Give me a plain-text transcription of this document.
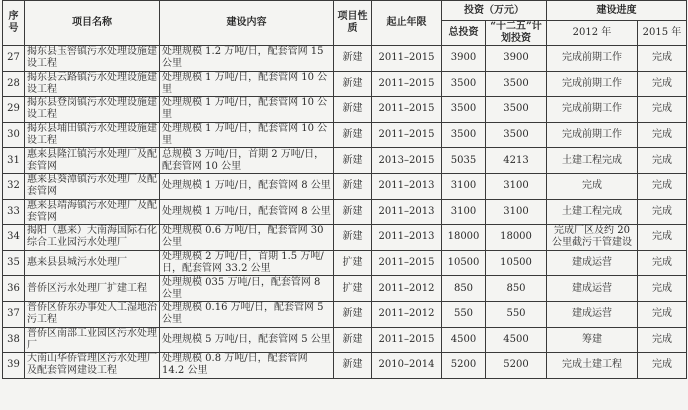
序号	项目名称	建设内容	项目性质	起止年限	投资（万元）		建设进度	
					总投资	“十二五”计划投资	2012 年	2015 年
27	揭东县玉窖镇污水处理设施建设工程	处理规模 1.2 万吨/日，配套管网 15 公里	新建	2011–2015	3900	3900	完成前期工作	完成
28	揭东县云路镇污水处理设施建设工程	处理规模 1 万吨/日，配套管网 10 公里	新建	2011–2015	3500	3500	完成前期工作	完成
29	揭东县登岗镇污水处理设施建设工程	处理规模 1 万吨/日，配套管网 10 公里	新建	2011–2015	3500	3500	完成前期工作	完成
30	揭东县埔田镇污水处理设施建设工程	处理规模 1 万吨/日，配套管网 10 公里	新建	2011–2015	3500	3500	完成前期工作	完成
31	惠来县隆江镇污水处理厂及配套管网	总规模 3 万吨/日，首期 2 万吨/日，配套管网 10 公里	新建	2013–2015	5035	4213	土建工程完成	完成
32	惠来县葵潭镇污水处理厂及配套管网	处理规模 1 万吨/日，配套管网 8 公里	新建	2011–2013	3100	3100	完成	完成
33	惠来县靖海镇污水处理厂及配套管网	处理规模 1 万吨/日，配套管网 8 公里	新建	2011–2013	3100	3100	土建工程完成	完成
34	揭阳（惠来）大南海国际石化综合工业园污水处理厂	处理规模 0.6 万吨/日，配套管网 30 公里	新建	2011–2013	18000	18000	完成厂区及约 20 公里截污干管建设	完成
35	惠来县县城污水处理厂	处理规模 2 万吨/日，首期 1.5 万吨/日，配套管网 33.2 公里	扩建	2011–2015	10500	10500	建成运营	完成
36	普侨区污水处理厂扩建工程	处理规模 035 万吨/日，配套管网 8 公里	扩建	2011–2012	850	850	建成运营	完成
37	普侨区侨东办事处人工湿地治污工程	处理规模 0.16 万吨/日，配套管网 5 公里	新建	2011–2012	550	550	建成运营	完成
38	普侨区南部工业园区污水处理厂	处理规模 5 万吨/日，配套管网 5 公里	新建	2011–2015	4500	4500	筹建	完成
39	大南山华侨管理区污水处理厂及配套管网建设工程	处理规模 0.8 万吨/日，配套管网 14.2 公里	新建	2010–2014	5200	5200	完成土建工程	完成
